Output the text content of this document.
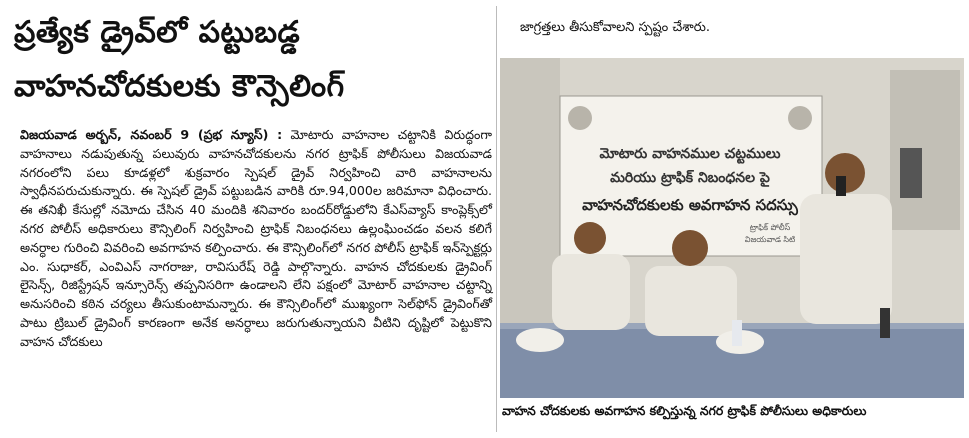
ప్రత్యేక డ్రైవ్‌లో పట్టుబడ్డ
వాహనచోదకులకు కౌన్సెలింగ్

విజయవాడ అర్బన్, నవంబర్ 9 (ప్రభ న్యూస్) : మోటారు వాహనాల చట్టానికి విరుద్ధంగా వాహనాలు నడుపుతున్న పలువురు వాహనచోదకులను నగర ట్రాఫిక్ పోలీసులు విజయవాడ నగరంలోని పలు కూడళ్లలో శుక్రవారం స్పెషల్ డ్రైవ్ నిర్వహించి వారి వాహనాలను స్వాధీనపరుచుకున్నారు. ఈ స్పెషల్ డ్రైవ్ పట్టుబడిన వారికి రూ.94,000ల జరిమానా విధించారు. ఈ తనిఖీ కేసుల్లో నమోదు చేసిన 40 మందికి శనివారం బందర్‌రోడ్డులోని కేఎస్‌వ్యాస్ కాంప్లెక్స్‌లో నగర పోలీస్ అధికారులు కౌన్సిలింగ్ నిర్వహించి ట్రాఫిక్ నిబంధనలు ఉల్లంఘించడం వలన కలిగే అనర్ధాల గురించి వివరించి అవగాహన కల్పించారు. ఈ కౌన్సిలింగ్‌లో నగర పోలీస్ ట్రాఫిక్ ఇన్‌స్పెక్టర్లు ఎం. సుధాకర్, ఎంవిఎస్ నాగరాజు, రావిసురేష్ రెడ్డి పాల్గొన్నారు. వాహన చోదకులకు డ్రైవింగ్ లైసెన్స్, రిజిస్ట్రేషన్ ఇన్సూరెన్స్ తప్పనిసరిగా ఉండాలని లేని పక్షంలో మోటార్ వాహనాల చట్టాన్ని అనుసరించి కఠిన చర్యలు తీసుకుంటామన్నారు. ఈ కౌన్సిలింగ్‌లో ముఖ్యంగా సెల్‌ఫోన్ డ్రైవింగ్‌తో పాటు ట్రిబుల్ డ్రైవింగ్ కారణంగా అనేక అనర్ధాలు జరుగుతున్నాయని వీటిని దృష్టిలో పెట్టుకొని వాహన చోదకులు

జాగ్రత్తలు తీసుకోవాలని స్పష్టం చేశారు.
మోటారు వాహనముల చట్టములు
మరియు ట్రాఫిక్ నిబంధనల పై
వాహనచోదకులకు అవగాహన సదస్సు
ట్రాఫిక్ పోలీస్
విజయవాడ సిటి
వాహన చోదకులకు అవగాహన కల్పిస్తున్న నగర ట్రాఫిక్ పోలీసులు అధికారులు
